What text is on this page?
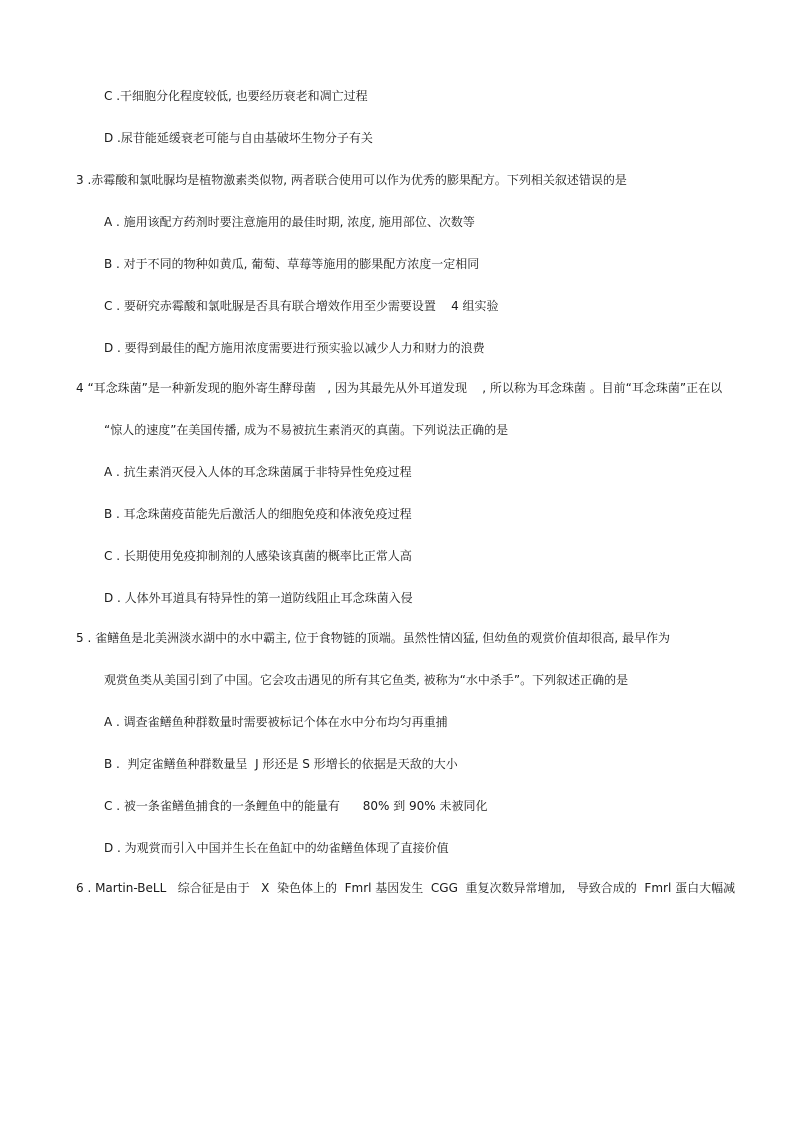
C .干细胞分化程度较低, 也要经历衰老和凋亡过程
D .尿苷能延缓衰老可能与自由基破坏生物分子有关
3 .赤霉酸和氯吡脲均是植物激素类似物, 两者联合使用可以作为优秀的膨果配方。下列相关叙述错误的是
A . 施用该配方药剂时要注意施用的最佳时期, 浓度, 施用部位、次数等
B . 对于不同的物种如黄瓜, 葡萄、草莓等施用的膨果配方浓度一定相同
C . 要研究赤霉酸和氯吡脲是否具有联合增效作用至少需要设置    4 组实验
D . 要得到最佳的配方施用浓度需要进行预实验以减少人力和财力的浪费
4 “耳念珠菌”是一种新发现的胞外寄生酵母菌   , 因为其最先从外耳道发现    , 所以称为耳念珠菌 。目前“耳念珠菌”正在以
“惊人的速度”在美国传播, 成为不易被抗生素消灭的真菌。下列说法正确的是
A . 抗生素消灭侵入人体的耳念珠菌属于非特异性免疫过程
B . 耳念珠菌疫苗能先后激活人的细胞免疫和体液免疫过程
C . 长期使用免疫抑制剂的人感染该真菌的概率比正常人高
D . 人体外耳道具有特异性的第一道防线阻止耳念珠菌入侵
5 . 雀鳝鱼是北美洲淡水湖中的水中霸主, 位于食物链的顶端。虽然性情凶猛, 但幼鱼的观赏价值却很高, 最早作为
观赏鱼类从美国引到了中国。它会攻击遇见的所有其它鱼类, 被称为“水中杀手”。下列叙述正确的是
A . 调查雀鳝鱼种群数量时需要被标记个体在水中分布均匀再重捕
B .  判定雀鳝鱼种群数量呈  J 形还是 S 形增长的依据是天敌的大小
C . 被一条雀鳝鱼捕食的一条鲤鱼中的能量有      80% 到 90% 未被同化
D . 为观赏而引入中国并生长在鱼缸中的幼雀鳝鱼体现了直接价值
6 . Martin-BeLL   综合征是由于   X  染色体上的  Fmrl 基因发生  CGG  重复次数异常增加,   导致合成的  Fmrl 蛋白大幅减
